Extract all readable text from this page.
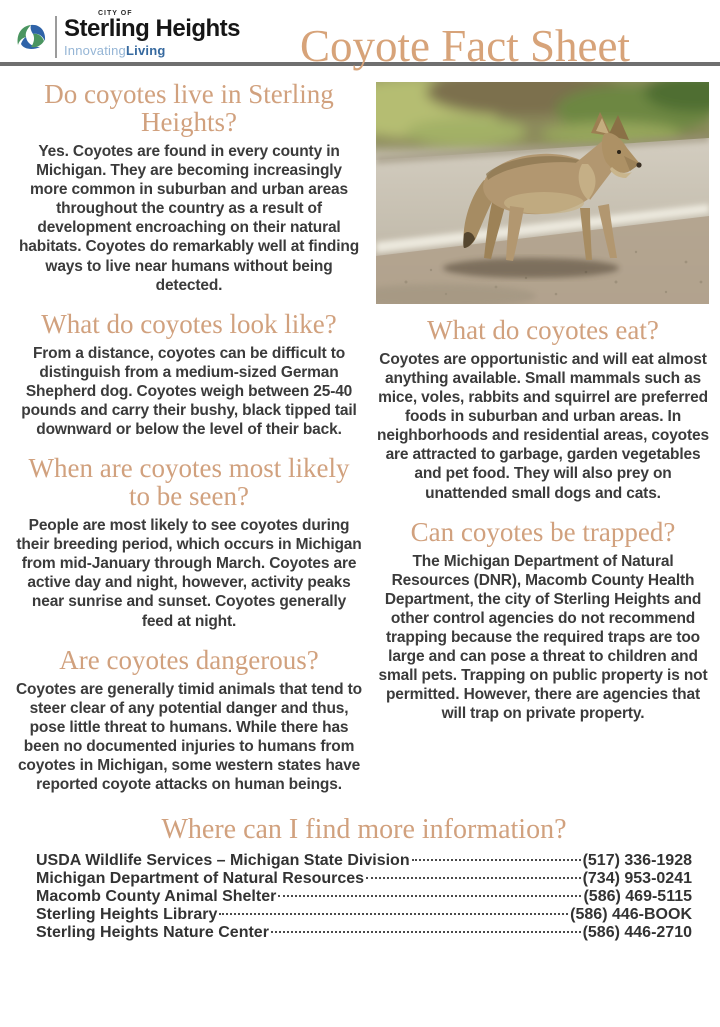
CITY OF
Sterling Heights
InnovatingLiving	Coyote Fact Sheet
Do coyotes live in Sterling Heights?

Yes. Coyotes are found in every county in Michigan. They are becoming increasingly more common in suburban and urban areas throughout the country as a result of development encroaching on their natural habitats. Coyotes do remarkably well at finding ways to live near humans without being detected.

What do coyotes look like?

From a distance, coyotes can be difficult to distinguish from a medium-sized German Shepherd dog. Coyotes weigh between 25-40 pounds and carry their bushy, black tipped tail downward or below the level of their back.

When are coyotes most likely to be seen?

People are most likely to see coyotes during their breeding period, which occurs in Michigan from mid-January through March. Coyotes are active day and night, however, activity peaks near sunrise and sunset. Coyotes generally feed at night.

Are coyotes dangerous?

Coyotes are generally timid animals that tend to steer clear of any potential danger and thus, pose little threat to humans. While there has been no documented injuries to humans from coyotes in Michigan, some western states have reported coyote attacks on human beings.

What do coyotes eat?

Coyotes are opportunistic and will eat almost anything available. Small mammals such as mice, voles, rabbits and squirrel are preferred foods in suburban and urban areas. In neighborhoods and residential areas, coyotes are attracted to garbage, garden vegetables and pet food. They will also prey on unattended small dogs and cats.

Can coyotes be trapped?

The Michigan Department of Natural Resources (DNR), Macomb County Health Department, the city of Sterling Heights and other control agencies do not recommend trapping because the required traps are too large and can pose a threat to children and small pets. Trapping on public property is not permitted. However, there are agencies that will trap on private property.

Where can I find more information?
USDA Wildlife Services – Michigan State Division	(517) 336-1928
Michigan Department of Natural Resources	(734) 953-0241
Macomb County Animal Shelter	(586) 469-5115
Sterling Heights Library	(586) 446-BOOK
Sterling Heights Nature Center	(586) 446-2710
